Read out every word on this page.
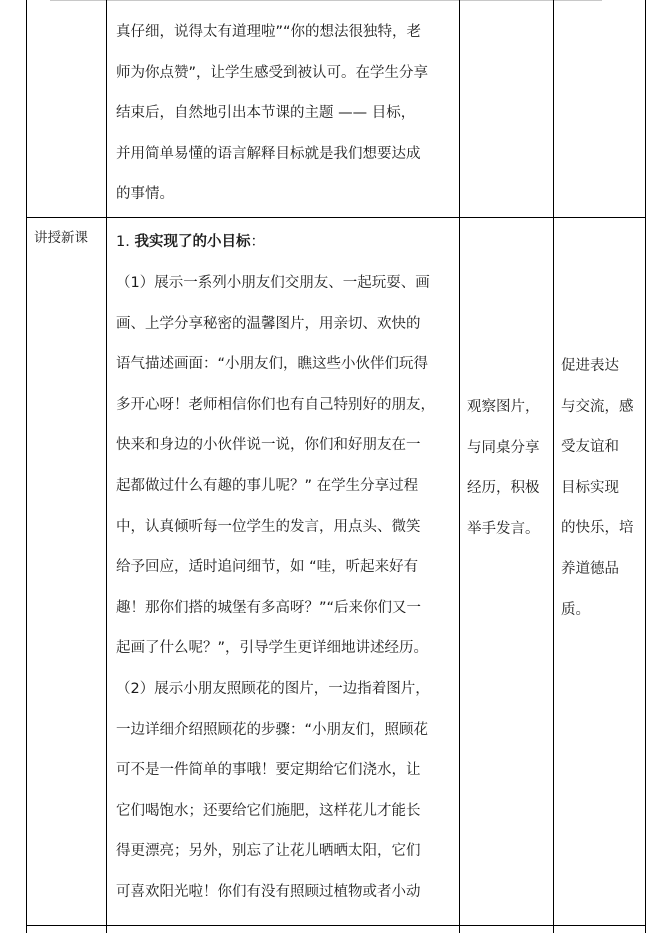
真仔细，说得太有道理啦”“你的想法很独特，老
师为你点赞”，让学生感受到被认可。在学生分享
结束后，自然地引出本节课的主题 —— 目标，
并用简单易懂的语言解释目标就是我们想要达成
的事情。
讲授新课 1. 我实现了的小目标：
（1）展示一系列小朋友们交朋友、一起玩耍、画
画、上学分享秘密的温馨图片，用亲切、欢快的
语气描述画面：“小朋友们，瞧这些小伙伴们玩得
多开心呀！老师相信你们也有自己特别好的朋友，
快来和身边的小伙伴说一说，你们和好朋友在一
起都做过什么有趣的事儿呢？” 在学生分享过程
中，认真倾听每一位学生的发言，用点头、微笑
给予回应，适时追问细节，如 “哇，听起来好有
趣！那你们搭的城堡有多高呀？”“后来你们又一
起画了什么呢？”，引导学生更详细地讲述经历。
（2）展示小朋友照顾花的图片，一边指着图片，
一边详细介绍照顾花的步骤：“小朋友们，照顾花
可不是一件简单的事哦！要定期给它们浇水，让
它们喝饱水；还要给它们施肥，这样花儿才能长
得更漂亮；另外，别忘了让花儿晒晒太阳，它们
可喜欢阳光啦！你们有没有照顾过植物或者小动
观察图片，
与同桌分享
经历，积极
举手发言。
促进表达
与交流，感
受友谊和
目标实现
的快乐，培
养道德品
质。
